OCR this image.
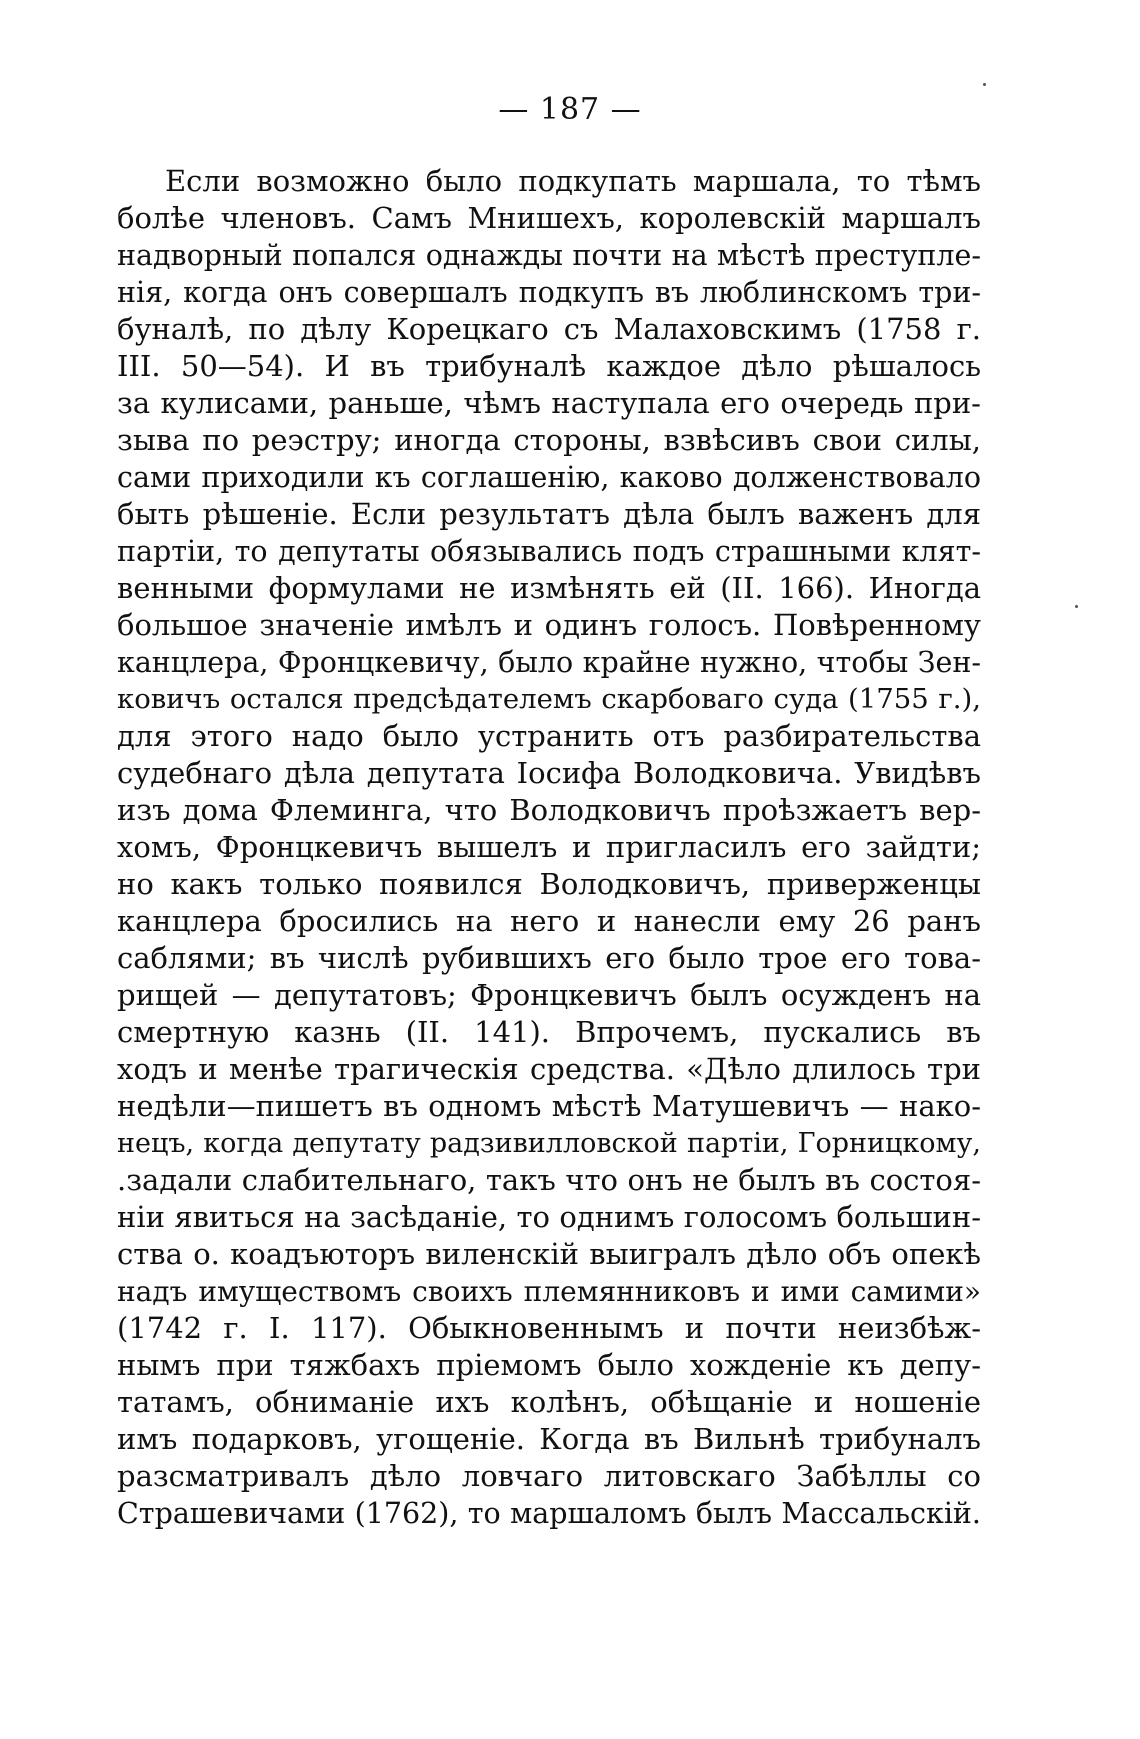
— 187 —
Если возможно было подкупать маршала, то тѣмъ
болѣе членовъ. Самъ Мнишехъ, королевскій маршалъ
надворный попался однажды почти на мѣстѣ преступле-
нія, когда онъ совершалъ подкупъ въ люблинскомъ три-
буналѣ, по дѣлу Корецкаго съ Малаховскимъ (1758 г.
III. 50—54). И въ трибуналѣ каждое дѣло рѣшалось
за кулисами, раньше, чѣмъ наступала его очередь при-
зыва по реэстру; иногда стороны, взвѣсивъ свои силы,
сами приходили къ соглашенію, каково долженствовало
быть рѣшеніе. Если результатъ дѣла былъ важенъ для
партіи, то депутаты обязывались подъ страшными клят-
венными формулами не измѣнять ей (II. 166). Иногда
большое значеніе имѣлъ и одинъ голосъ. Повѣренному
канцлера, Фронцкевичу, было крайне нужно, чтобы Зен-
ковичъ остался предсѣдателемъ скарбоваго суда (1755 г.),
для этого надо было устранить отъ разбирательства
судебнаго дѣла депутата Іосифа Володковича. Увидѣвъ
изъ дома Флеминга, что Володковичъ проѣзжаетъ вер-
хомъ, Фронцкевичъ вышелъ и пригласилъ его зайдти;
но какъ только появился Володковичъ, приверженцы
канцлера бросились на него и нанесли ему 26 ранъ
саблями; въ числѣ рубившихъ его было трое его това-
рищей — депутатовъ; Фронцкевичъ былъ осужденъ на
смертную казнь (II. 141). Впрочемъ, пускались въ
ходъ и менѣе трагическія средства. «Дѣло длилось три
недѣли—пишетъ въ одномъ мѣстѣ Матушевичъ — нако-
нецъ, когда депутату радзивилловской партіи, Горницкому,
.задали слабительнаго, такъ что онъ не былъ въ состоя-
ніи явиться на засѣданіе, то однимъ голосомъ большин-
ства о. коадъюторъ виленскій выигралъ дѣло объ опекѣ
надъ имуществомъ своихъ племянниковъ и ими самими»
(1742 г. I. 117). Обыкновеннымъ и почти неизбѣж-
нымъ при тяжбахъ пріемомъ было хожденіе къ депу-
татамъ, обниманіе ихъ колѣнъ, обѣщаніе и ношеніе
имъ подарковъ, угощеніе. Когда въ Вильнѣ трибуналъ
разсматривалъ дѣло ловчаго литовскаго Забѣллы со
Страшевичами (1762), то маршаломъ былъ Массальскій.
